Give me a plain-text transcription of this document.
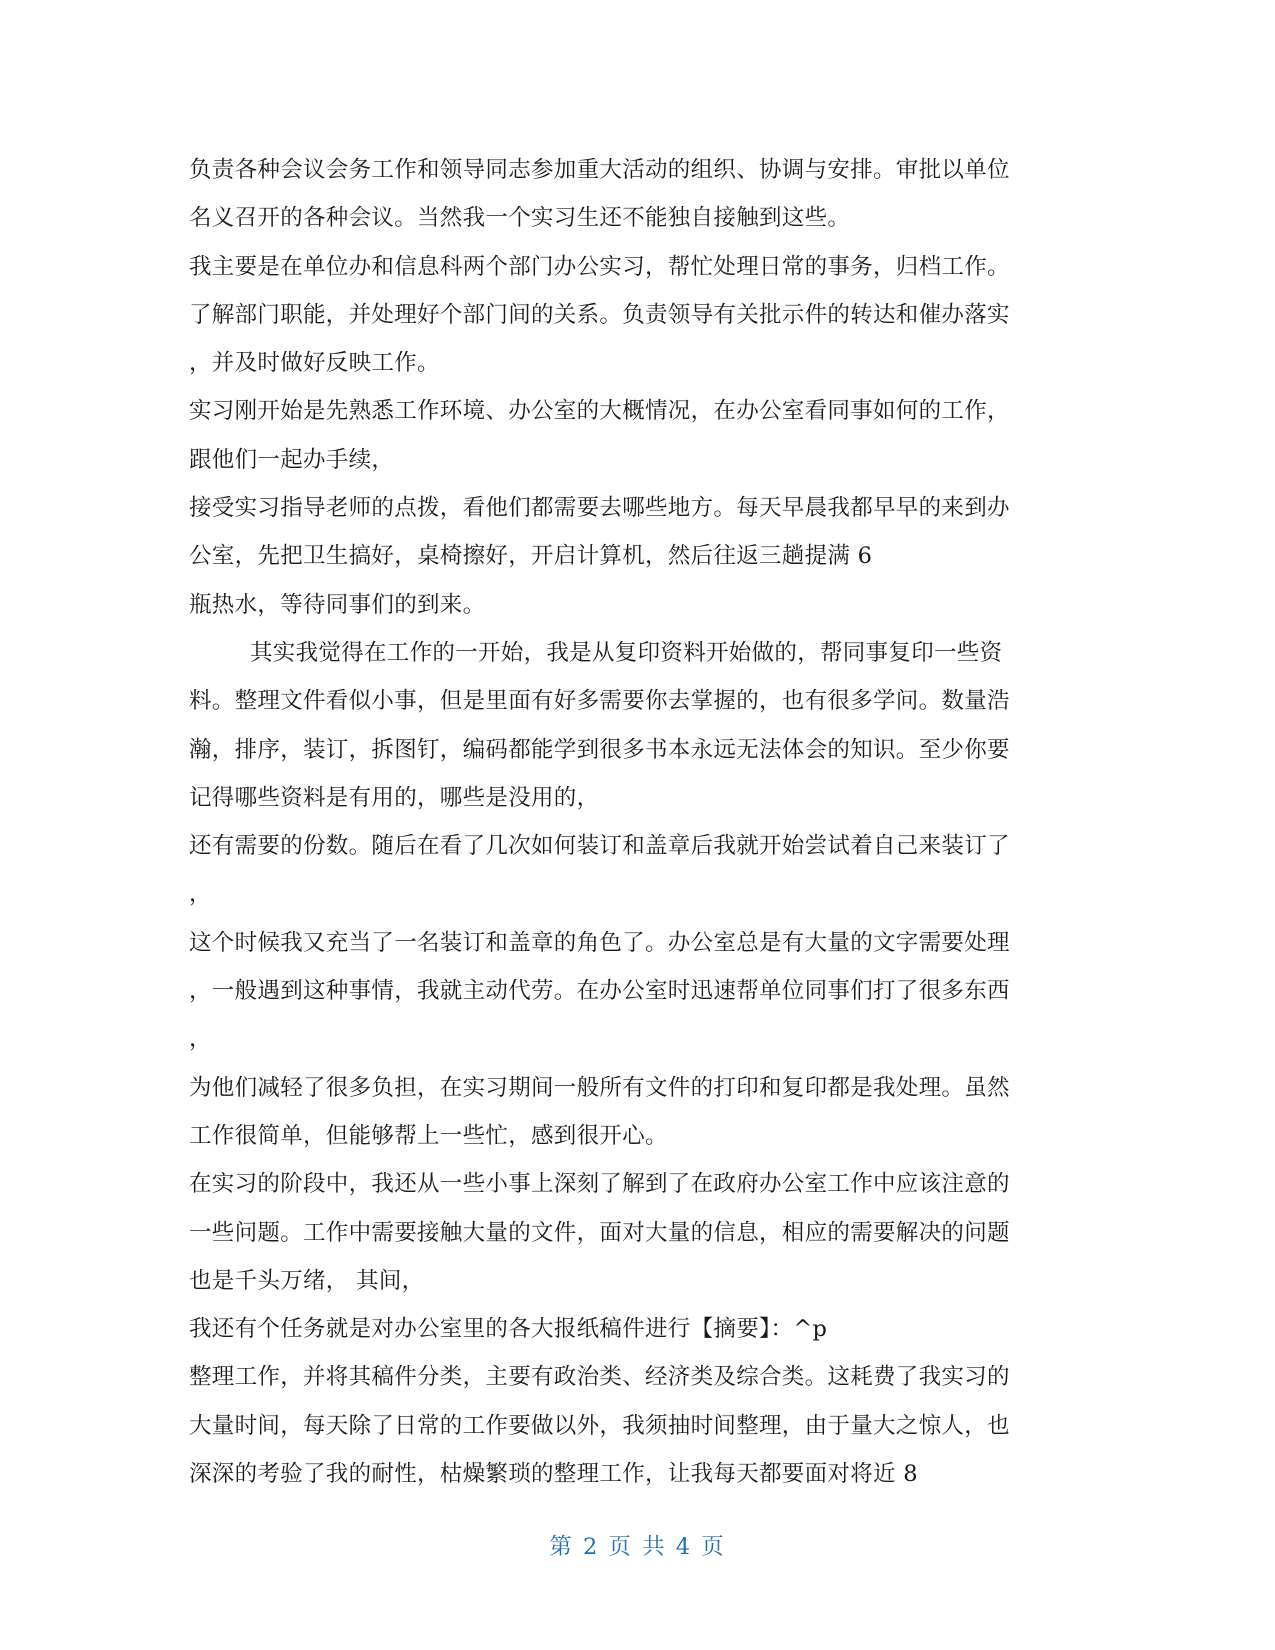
负责各种会议会务工作和领导同志参加重大活动的组织、协调与安排。审批以单位
名义召开的各种会议。当然我一个实习生还不能独自接触到这些。
我主要是在单位办和信息科两个部门办公实习，帮忙处理日常的事务，归档工作。
了解部门职能，并处理好个部门间的关系。负责领导有关批示件的转达和催办落实
，并及时做好反映工作。
实习刚开始是先熟悉工作环境、办公室的大概情况，在办公室看同事如何的工作，
跟他们一起办手续，
接受实习指导老师的点拨，看他们都需要去哪些地方。每天早晨我都早早的来到办
公室，先把卫生搞好，桌椅擦好，开启计算机，然后往返三趟提满 6
瓶热水，等待同事们的到来。
其实我觉得在工作的一开始，我是从复印资料开始做的，帮同事复印一些资
料。整理文件看似小事，但是里面有好多需要你去掌握的，也有很多学问。数量浩
瀚，排序，装订，拆图钉，编码都能学到很多书本永远无法体会的知识。至少你要
记得哪些资料是有用的，哪些是没用的，
还有需要的份数。随后在看了几次如何装订和盖章后我就开始尝试着自己来装订了
，
这个时候我又充当了一名装订和盖章的角色了。办公室总是有大量的文字需要处理
，一般遇到这种事情，我就主动代劳。在办公室时迅速帮单位同事们打了很多东西
，
为他们减轻了很多负担，在实习期间一般所有文件的打印和复印都是我处理。虽然
工作很简单，但能够帮上一些忙，感到很开心。
在实习的阶段中，我还从一些小事上深刻了解到了在政府办公室工作中应该注意的
一些问题。工作中需要接触大量的文件，面对大量的信息，相应的需要解决的问题
也是千头万绪， 其间，
我还有个任务就是对办公室里的各大报纸稿件进行【摘要】：^p
整理工作，并将其稿件分类，主要有政治类、经济类及综合类。这耗费了我实习的
大量时间，每天除了日常的工作要做以外，我须抽时间整理，由于量大之惊人，也
深深的考验了我的耐性，枯燥繁琐的整理工作，让我每天都要面对将近 8
第 2 页 共 4 页
